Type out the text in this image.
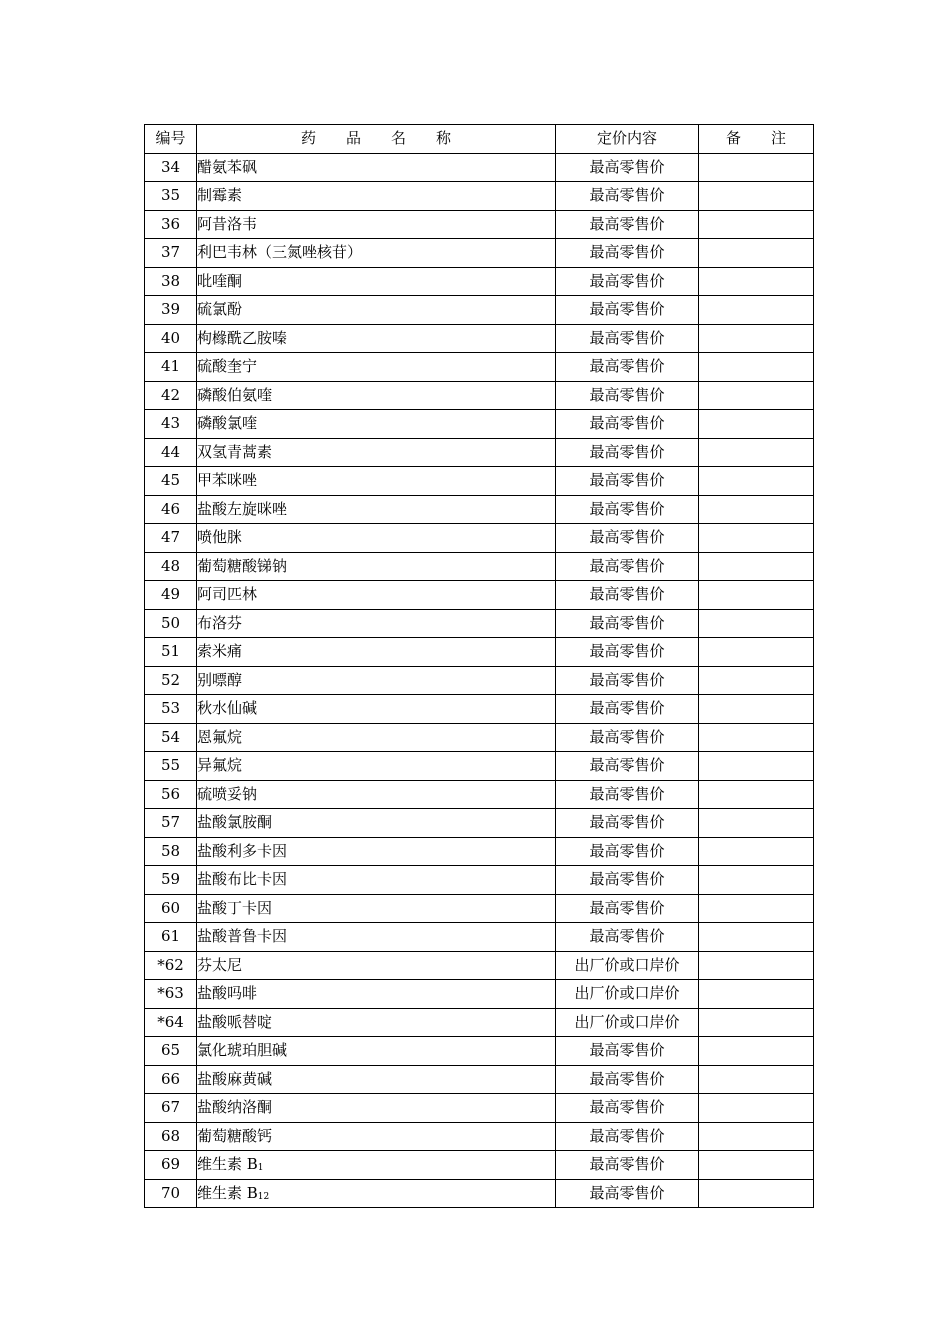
编号	药　　品　　名　　称	定价内容	备　　注
34	醋氨苯砜	最高零售价	
35	制霉素	最高零售价	
36	阿昔洛韦	最高零售价	
37	利巴韦林（三氮唑核苷）	最高零售价	
38	吡喹酮	最高零售价	
39	硫氯酚	最高零售价	
40	枸橼酰乙胺嗪	最高零售价	
41	硫酸奎宁	最高零售价	
42	磷酸伯氨喹	最高零售价	
43	磷酸氯喹	最高零售价	
44	双氢青蒿素	最高零售价	
45	甲苯咪唑	最高零售价	
46	盐酸左旋咪唑	最高零售价	
47	喷他脒	最高零售价	
48	葡萄糖酸锑钠	最高零售价	
49	阿司匹林	最高零售价	
50	布洛芬	最高零售价	
51	索米痛	最高零售价	
52	别嘌醇	最高零售价	
53	秋水仙碱	最高零售价	
54	恩氟烷	最高零售价	
55	异氟烷	最高零售价	
56	硫喷妥钠	最高零售价	
57	盐酸氯胺酮	最高零售价	
58	盐酸利多卡因	最高零售价	
59	盐酸布比卡因	最高零售价	
60	盐酸丁卡因	最高零售价	
61	盐酸普鲁卡因	最高零售价	
*62	芬太尼	出厂价或口岸价	
*63	盐酸吗啡	出厂价或口岸价	
*64	盐酸哌替啶	出厂价或口岸价	
65	氯化琥珀胆碱	最高零售价	
66	盐酸麻黄碱	最高零售价	
67	盐酸纳洛酮	最高零售价	
68	葡萄糖酸钙	最高零售价	
69	维生素 $B_1$	最高零售价	
70	维生素 $B_{12}$	最高零售价	
